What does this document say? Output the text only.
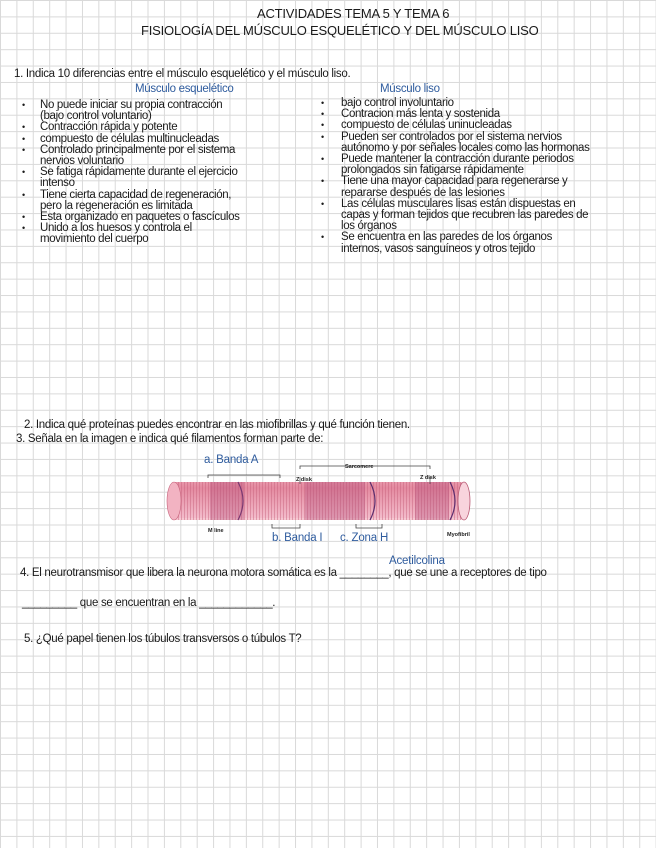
ACTIVIDADES TEMA 5 Y TEMA 6
FISIOLOGÍA DEL MÚSCULO ESQUELÉTICO Y DEL MÚSCULO LISO
1. Indica 10 diferencias entre el músculo esquelético y el músculo liso.
Músculo esquelético	Músculo liso
• No puede iniciar su propia contracción
(bajo control voluntario)
• Contracción rápida y potente
• compuesto de células multinucleadas
• Controlado principalmente por el sistema
nervios voluntario
• Se fatiga rápidamente durante el ejercicio
intenso
• Tiene cierta capacidad de regeneración,
pero la regeneración es limitada
• Esta organizado en paquetes o fascículos
• Unido a los huesos y controla el
movimiento del cuerpo
• bajo control involuntario
• Contracion más lenta y sostenida
• compuesto de células uninucleadas
• Pueden ser controlados por el sistema nervios
autónomo y por señales locales como las hormonas
• Puede mantener la contracción durante periodos
prolongados sin fatigarse rápidamente
• Tiene una mayor capacidad para regenerarse y
repararse después de las lesiones
• Las células musculares lisas están dispuestas en
capas y forman tejidos que recubren las paredes de
los órganos
• Se encuentra en las paredes de los órganos
internos, vasos sanguíneos y otros tejido
2. Indica qué proteínas puedes encontrar en las miofibrillas y qué función tienen.
3. Señala en la imagen e indica qué filamentos forman parte de:
a. Banda A
Sarcomere
Z disk	Z disk
M line
Myofibril
b. Banda I c. Zona H
Acetilcolina
4. El neurotransmisor que libera la neurona motora somática es la ________, que se une a receptores de tipo
_________ que se encuentran en la ____________.
5. ¿Qué papel tienen los túbulos transversos o túbulos T?
